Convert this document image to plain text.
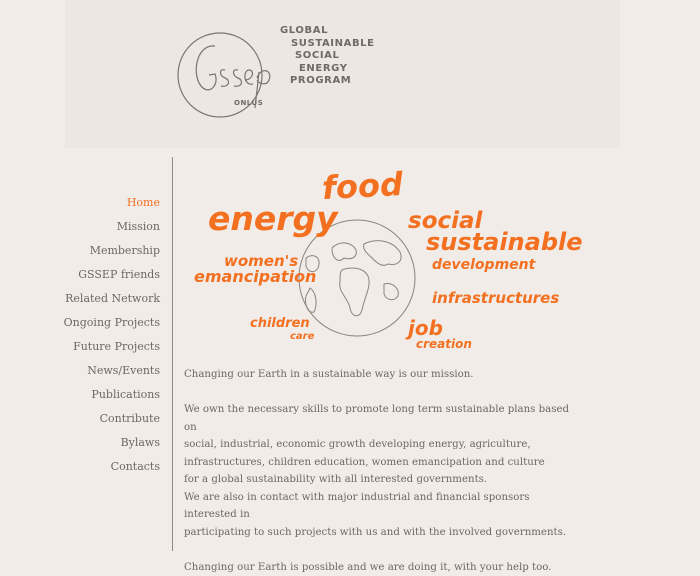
ONLUS
GLOBAL
SUSTAINABLE
SOCIAL
ENERGY
PROGRAM
Home
Mission
Membership
GSSEP friends
Related Network
Ongoing Projects
Future Projects
News/Events
Publications
Contribute
Bylaws
Contacts
food
energy	social
sustainable
women's
emancipation
development
infrastructures
children
care	job
creation

Changing our Earth in a sustainable way is our mission.

We own the necessary skills to promote long term sustainable plans based on

social, industrial, economic growth developing energy, agriculture,

infrastructures, children education, women emancipation and culture

for a global sustainability with all interested governments.

We are also in contact with major industrial and financial sponsors interested in

participating to such projects with us and with the involved governments.

Changing our Earth is possible and we are doing it, with your help too.
